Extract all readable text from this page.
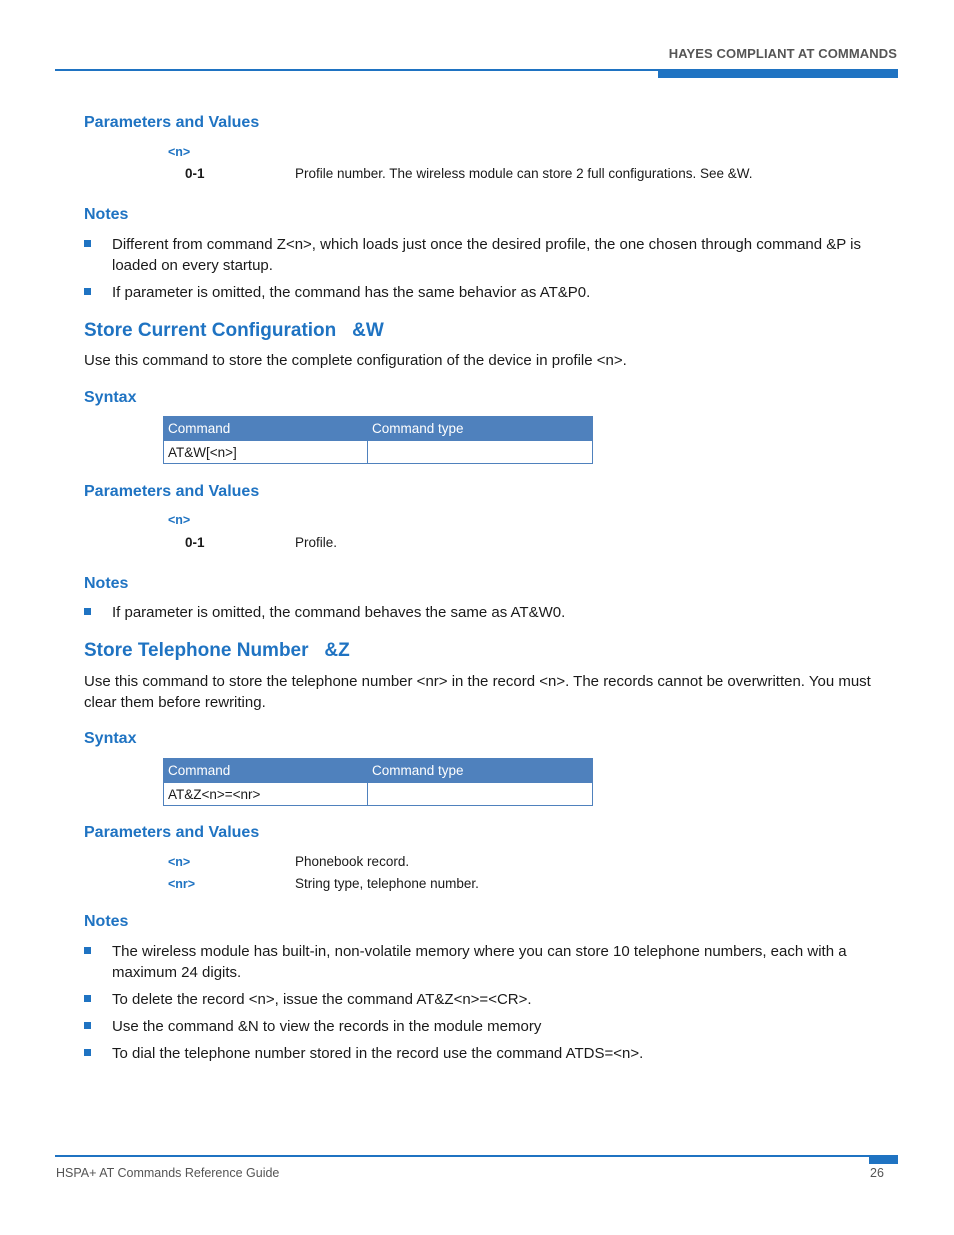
HAYES COMPLIANT AT COMMANDS
Parameters and Values
<n>
0-1	Profile number. The wireless module can store 2 full configurations. See &W.
Notes
Different from command Z<n>, which loads just once the desired profile, the one chosen through command &P is loaded on every startup.
If parameter is omitted, the command has the same behavior as AT&P0.
Store Current Configuration   &W
Use this command to store the complete configuration of the device in profile <n>.
Syntax
Command	Command type
AT&W[<n>]	
Parameters and Values
<n>
0-1	Profile.
Notes
If parameter is omitted, the command behaves the same as AT&W0.
Store Telephone Number   &Z
Use this command to store the telephone number <nr> in the record <n>. The records cannot be overwritten. You must clear them before rewriting.
Syntax
Command	Command type
AT&Z<n>=<nr>	
Parameters and Values
<n>	Phonebook record.
<nr>	String type, telephone number.
Notes
The wireless module has built-in, non-volatile memory where you can store 10 telephone numbers, each with a maximum 24 digits.
To delete the record <n>, issue the command AT&Z<n>=<CR>.
Use the command &N to view the records in the module memory
To dial the telephone number stored in the record use the command ATDS=<n>.
HSPA+ AT Commands Reference Guide	26
